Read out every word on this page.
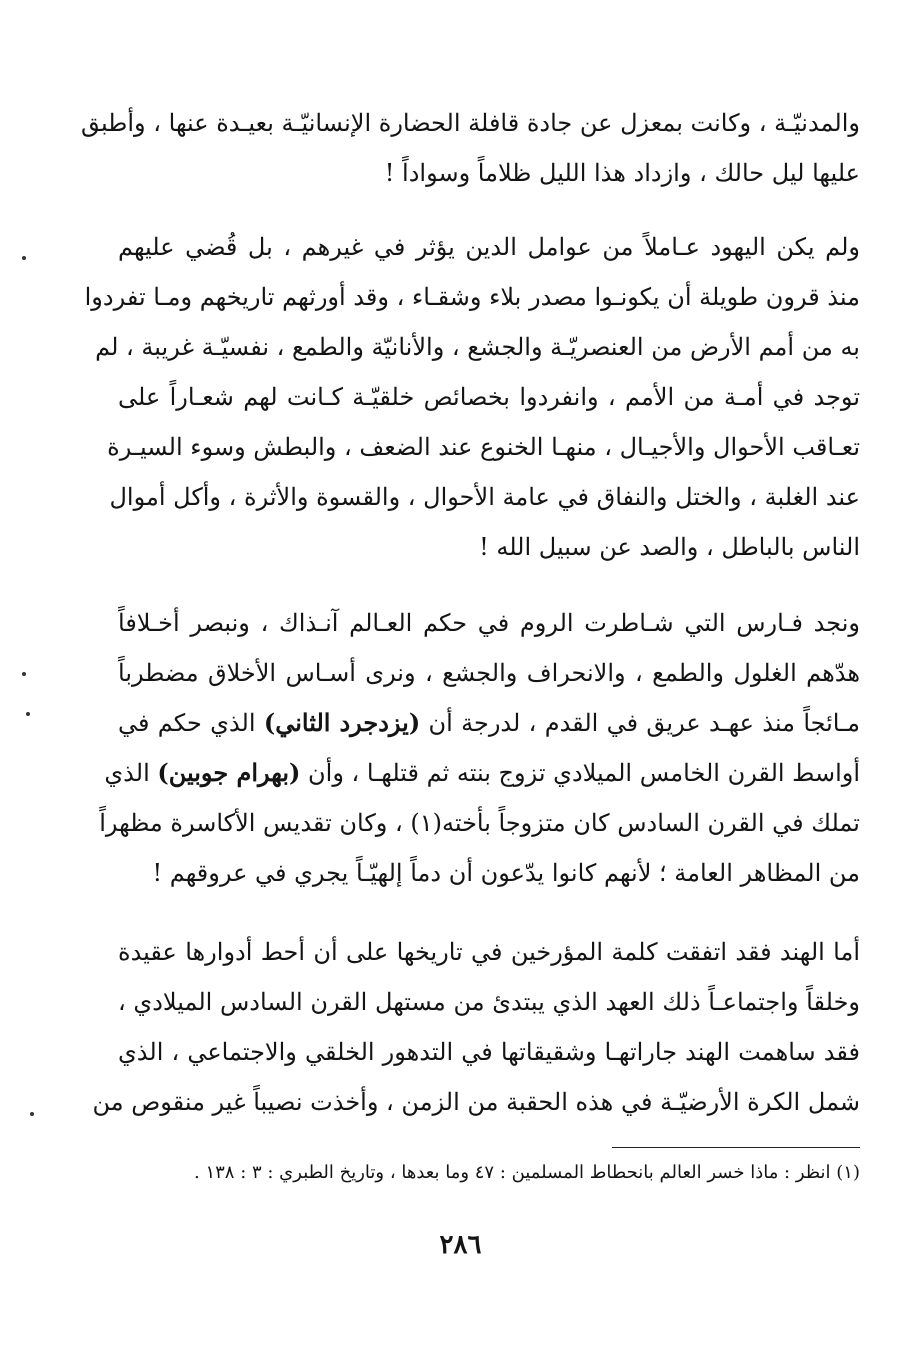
والمدنيّـة ، وكانت بمعزل عن جادة قافلة الحضارة الإنسانيّـة بعيـدة عنها ، وأطبق
عليها ليل حالك ، وازداد هذا الليل ظلاماً وسواداً !
ولم يكن اليهود عـاملاً من عوامل الدين يؤثر في غيرهم ، بل قُضي عليهم
منذ قرون طويلة أن يكونـوا مصدر بلاء وشقـاء ، وقد أورثهم تاريخهم ومـا تفردوا
به من أمم الأرض من العنصريّـة والجشع ، والأنانيّة والطمع ، نفسيّـة غريبة ، لم
توجد في أمـة من الأمم ، وانفردوا بخصائص خلقيّـة كـانت لهم شعـاراً على
تعـاقب الأحوال والأجيـال ، منهـا الخنوع عند الضعف ، والبطش وسوء السيـرة
عند الغلبة ، والختل والنفاق في عامة الأحوال ، والقسوة والأثرة ، وأكل أموال
الناس بالباطل ، والصد عن سبيل الله !
ونجد فـارس التي شـاطرت الروم في حكم العـالم آنـذاك ، ونبصر أخـلافاً
هدّهم الغلول والطمع ، والانحراف والجشع ، ونرى أسـاس الأخلاق مضطرباً
مـائجاً منذ عهـد عريق في القدم ، لدرجة أن (يزدجرد الثاني) الذي حكم في
أواسط القرن الخامس الميلادي تزوج بنته ثم قتلهـا ، وأن (بهرام جوبين) الذي
تملك في القرن السادس كان متزوجاً بأخته(١) ، وكان تقديس الأكاسرة مظهراً
من المظاهر العامة ؛ لأنهم كانوا يدّعون أن دماً إلهيّـاً يجري في عروقهم !
أما الهند فقد اتفقت كلمة المؤرخين في تاريخها على أن أحط أدوارها عقيدة
وخلقاً واجتماعـاً ذلك العهد الذي يبتدئ من مستهل القرن السادس الميلادي ،
فقد ساهمت الهند جاراتهـا وشقيقاتها في التدهور الخلقي والاجتماعي ، الذي
شمل الكرة الأرضيّـة في هذه الحقبة من الزمن ، وأخذت نصيباً غير منقوص من
(١) انظر : ماذا خسر العالم بانحطاط المسلمين : ٤٧ وما بعدها ، وتاريخ الطبري : ٣ : ١٣٨ .
٢٨٦
